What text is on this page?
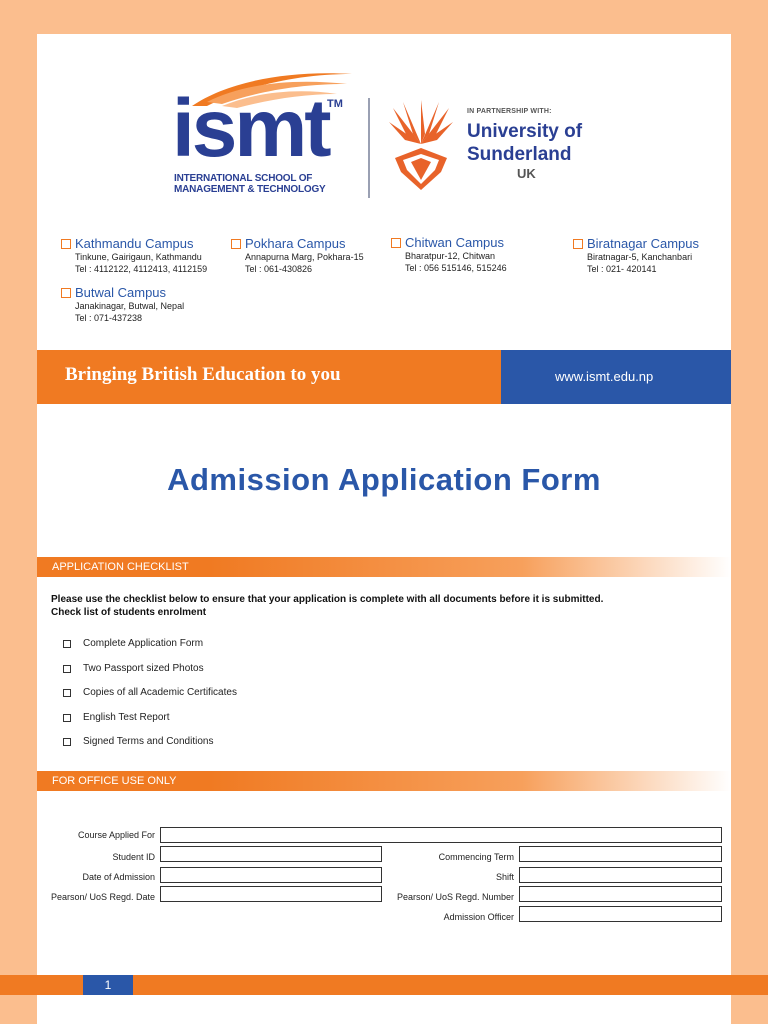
ismt
TM
INTERNATIONAL SCHOOL OF MANAGEMENT & TECHNOLOGY
IN PARTNERSHIP WITH:
University of
Sunderland
UK
Kathmandu Campus
Tinkune, Gairigaun, Kathmandu
Tel : 4112122, 4112413, 4112159
Pokhara Campus
Annapurna Marg, Pokhara-15
Tel : 061-430826
Chitwan Campus
Bharatpur-12, Chitwan
Tel : 056 515146, 515246
Biratnagar Campus
Biratnagar-5, Kanchanbari
Tel : 021- 420141
Butwal Campus
Janakinagar, Butwal, Nepal
Tel : 071-437238
Bringing British Education to you	www.ismt.edu.np
Admission Application Form
APPLICATION CHECKLIST
Please use the checklist below to ensure that your application is complete with all documents before it is submitted.
Check list of students enrolment
Complete Application Form
Two Passport sized Photos
Copies of all Academic Certificates
English Test Report
Signed Terms and Conditions
FOR OFFICE USE ONLY
Course Applied For
Student ID	Commencing Term
Date of Admission	Shift
Pearson/ UoS Regd. Date	Pearson/ UoS Regd. Number
Admission Officer
1
